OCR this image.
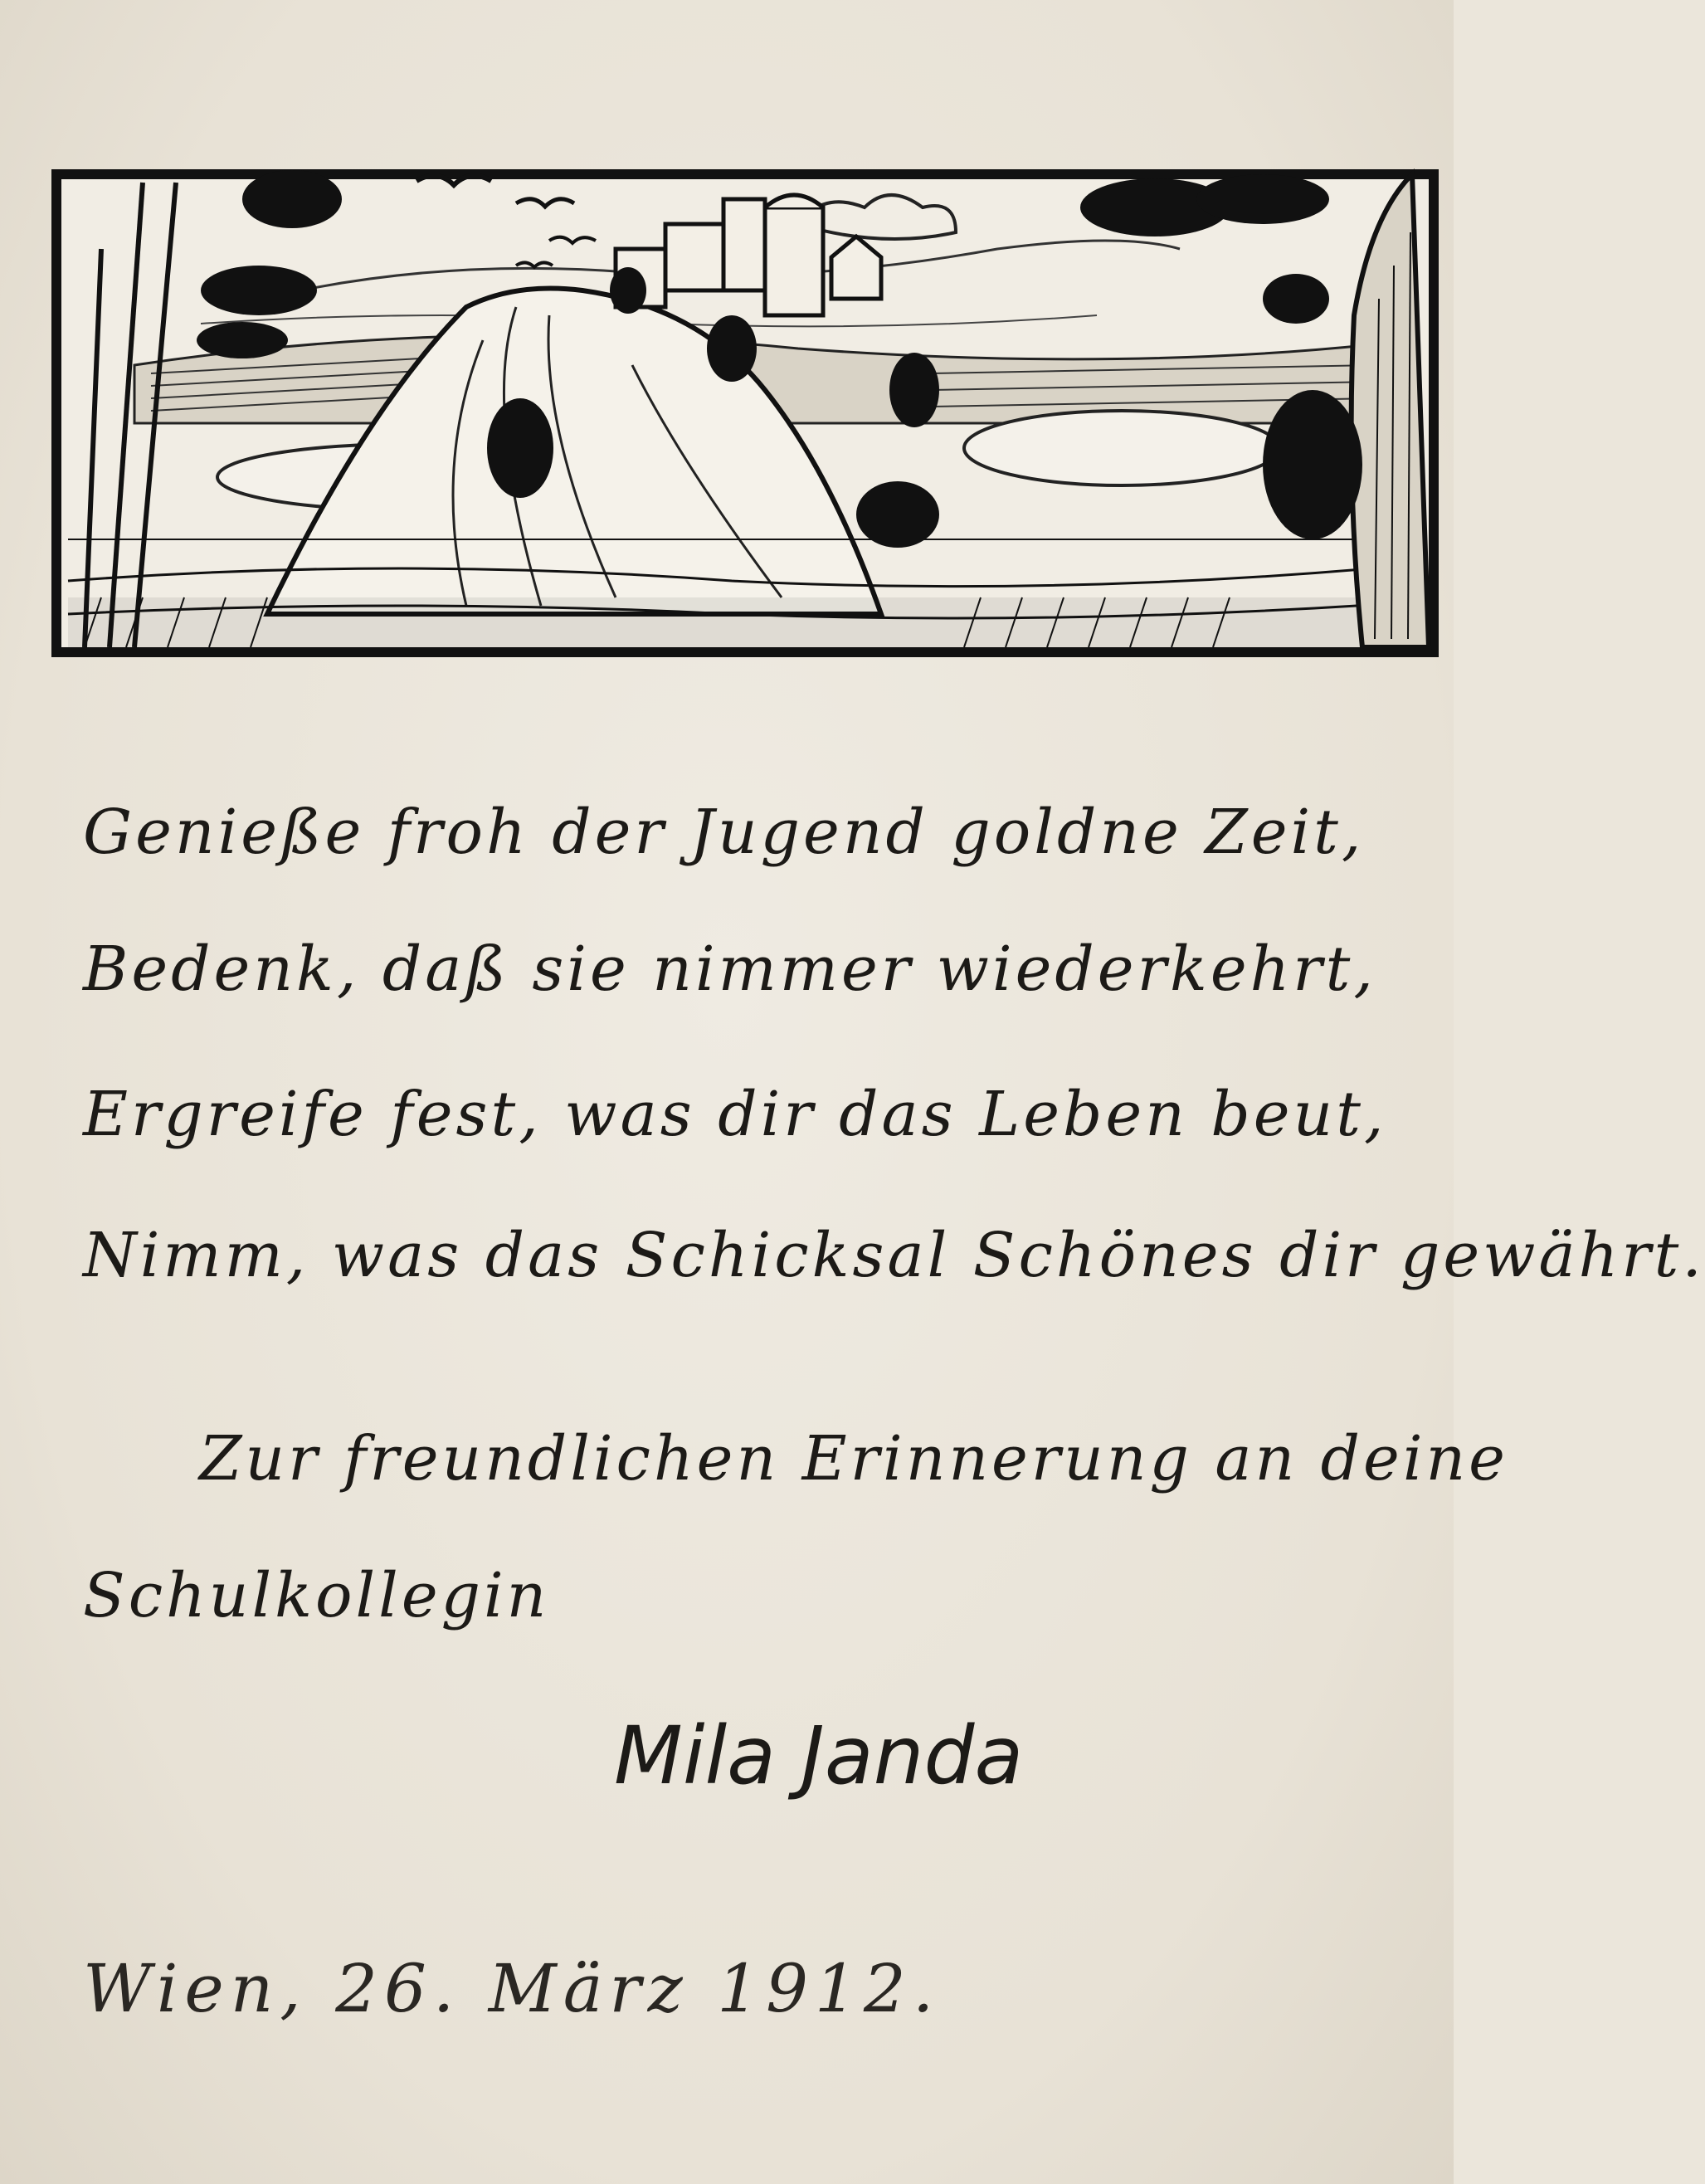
Genieße froh der Jugend goldne Zeit,
Bedenk, daß sie nimmer wiederkehrt,
Ergreife fest, was dir das Leben beut,
Nimm, was das Schicksal Schönes dir gewährt.
Zur freundlichen Erinnerung an deine
Schulkollegin
Mila Janda
Wien, 26. März 1912.
